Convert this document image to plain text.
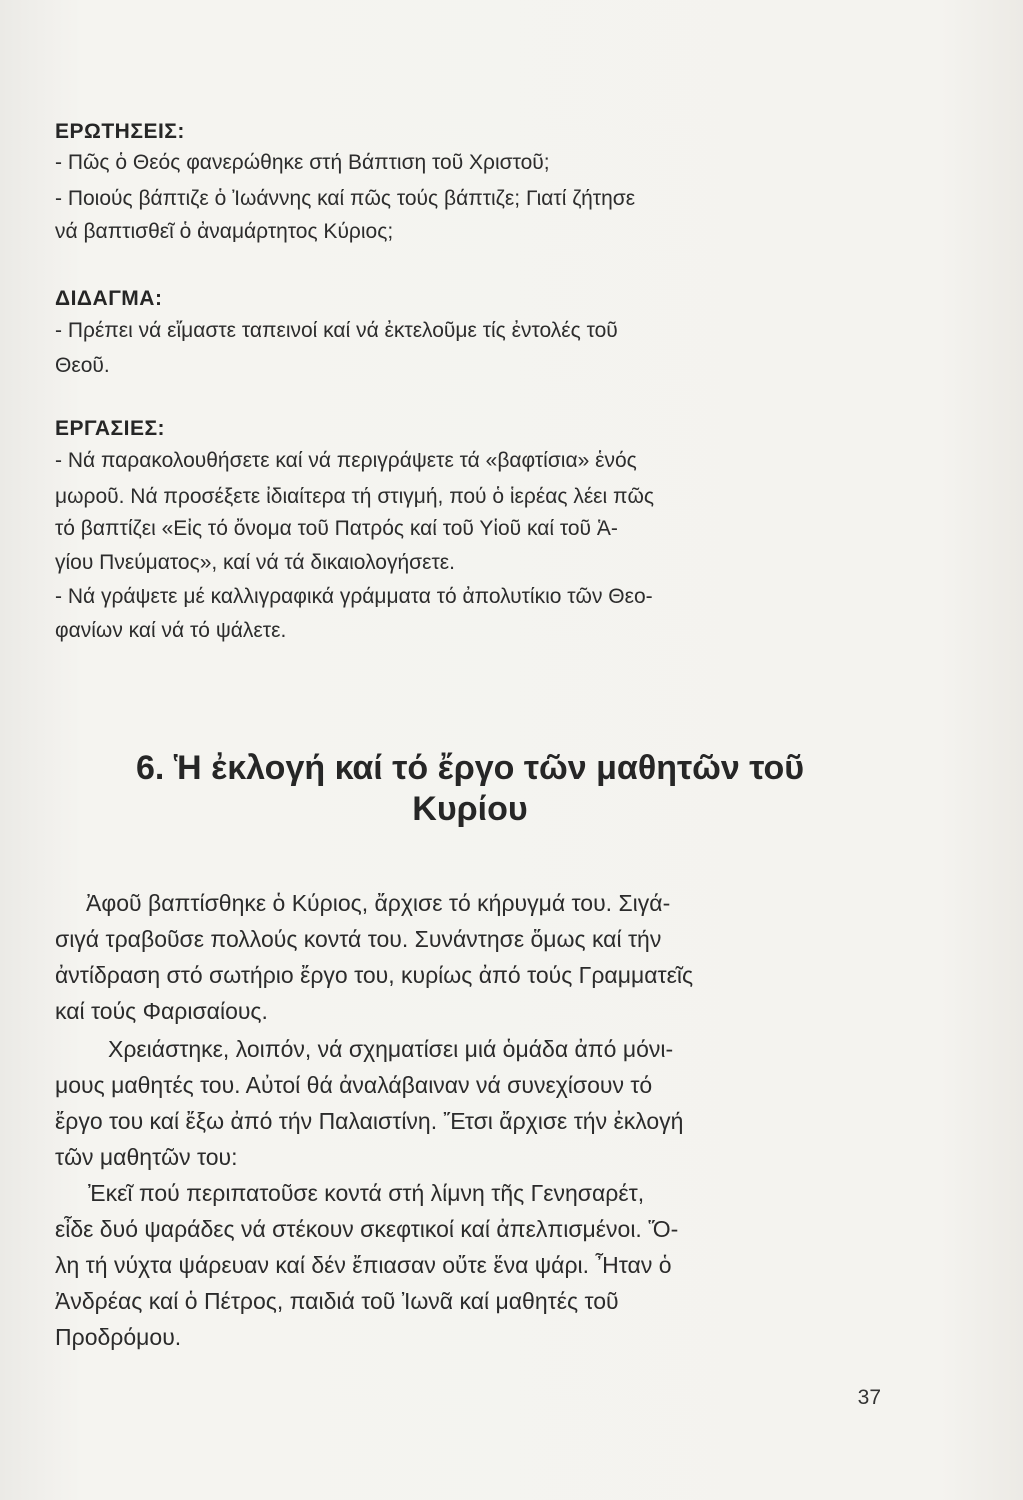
ΕΡΩΤΗΣΕΙΣ:
- Πῶς ὁ Θεός φανερώθηκε στή Βάπτιση τοῦ Χριστοῦ;
- Ποιούς βάπτιζε ὁ Ἰωάννης καί πῶς τούς βάπτιζε; Γιατί ζήτησε
νά βαπτισθεῖ ὁ ἀναμάρτητος Κύριος;
ΔΙΔΑΓΜΑ:
- Πρέπει νά εἴμαστε ταπεινοί καί νά ἐκτελοῦμε τίς ἐντολές τοῦ
Θεοῦ.
ΕΡΓΑΣΙΕΣ:
- Νά παρακολουθήσετε καί νά περιγράψετε τά «βαφτίσια» ἑνός
μωροῦ. Νά προσέξετε ἰδιαίτερα τή στιγμή, πού ὁ ἱερέας λέει πῶς
τό βαπτίζει «Εἰς τό ὄνομα τοῦ Πατρός καί τοῦ Υἱοῦ καί τοῦ Ἁ-
γίου Πνεύματος», καί νά τά δικαιολογήσετε.
- Νά γράψετε μέ καλλιγραφικά γράμματα τό ἀπολυτίκιο τῶν Θεο-
φανίων καί νά τό ψάλετε.
6. Ἡ ἐκλογή καί τό ἔργο τῶν μαθητῶν τοῦ
Κυρίου
Ἀφοῦ βαπτίσθηκε ὁ Κύριος, ἄρχισε τό κήρυγμά του. Σιγά-
σιγά τραβοῦσε πολλούς κοντά του. Συνάντησε ὅμως καί τήν
ἀντίδραση στό σωτήριο ἔργο του, κυρίως ἀπό τούς Γραμματεῖς
καί τούς Φαρισαίους.
Χρειάστηκε, λοιπόν, νά σχηματίσει μιά ὁμάδα ἀπό μόνι-
μους μαθητές του. Αὐτοί θά ἀναλάβαιναν νά συνεχίσουν τό
ἔργο του καί ἔξω ἀπό τήν Παλαιστίνη. Ἔτσι ἄρχισε τήν ἐκλογή
τῶν μαθητῶν του:
Ἐκεῖ πού περιπατοῦσε κοντά στή λίμνη τῆς Γενησαρέτ,
εἶδε δυό ψαράδες νά στέκουν σκεφτικοί καί ἀπελπισμένοι. Ὅ-
λη τή νύχτα ψάρευαν καί δέν ἔπιασαν οὔτε ἕνα ψάρι. Ἦταν ὁ
Ἀνδρέας καί ὁ Πέτρος, παιδιά τοῦ Ἰωνᾶ καί μαθητές τοῦ
Προδρόμου.
37
